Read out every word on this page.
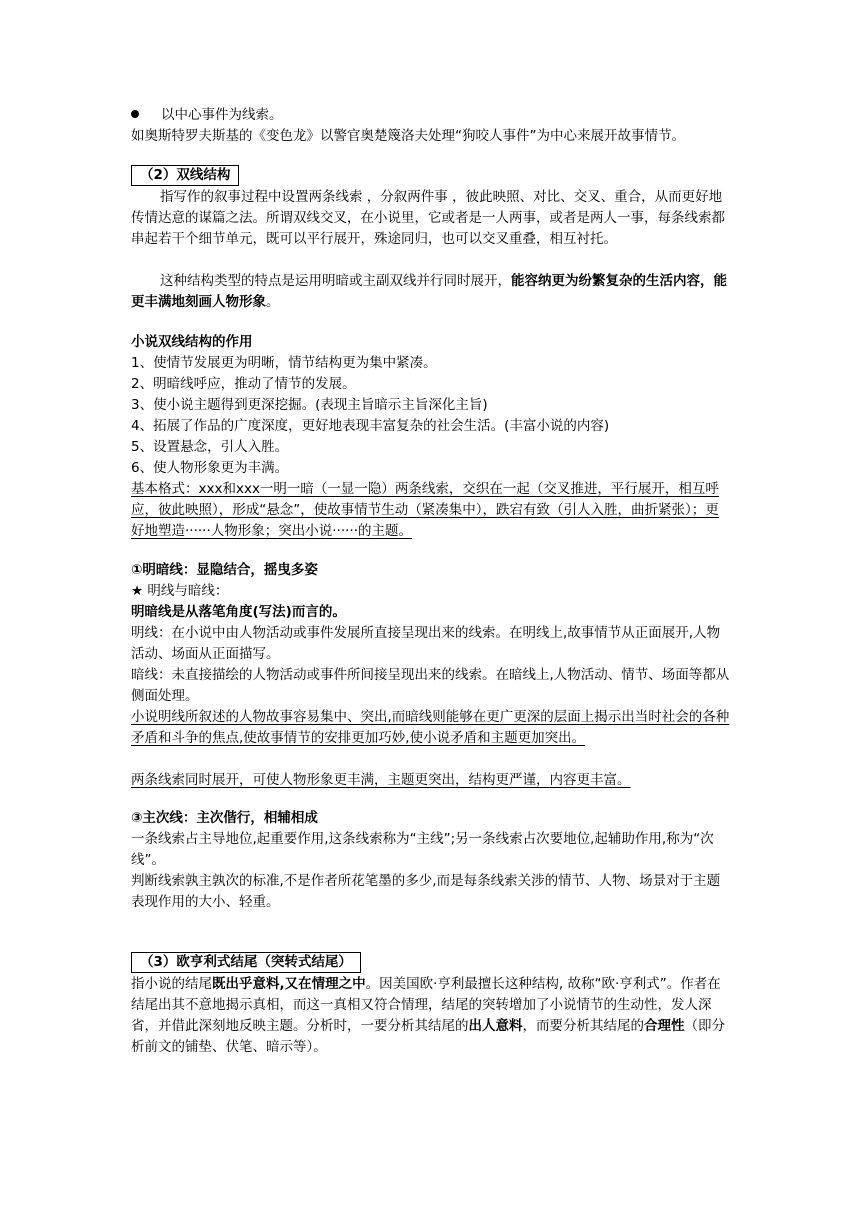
以中心事件为线索。
如奥斯特罗夫斯基的《变色龙》以警官奥楚篾洛夫处理“狗咬人事件”为中心来展开故事情节。
（2）双线结构
指写作的叙事过程中设置两条线索 ，分叙两件事 ，彼此映照、对比、交叉、重合，从而更好地传情达意的谋篇之法。所谓双线交叉，在小说里，它或者是一人两事，或者是两人一事，每条线索都串起若干个细节单元，既可以平行展开，殊途同归，也可以交叉重叠，相互衬托。
这种结构类型的特点是运用明暗或主副双线并行同时展开，能容纳更为纷繁复杂的生活内容，能更丰满地刻画人物形象。
小说双线结构的作用
1、使情节发展更为明晰，情节结构更为集中紧凑。
2、明暗线呼应，推动了情节的发展。
3、使小说主题得到更深挖掘。(表现主旨暗示主旨深化主旨)
4、拓展了作品的广度深度，更好地表现丰富复杂的社会生活。(丰富小说的内容)
5、设置悬念，引人入胜。
6、使人物形象更为丰满。
基本格式：xxx和xxx一明一暗（一显一隐）两条线索，交织在一起（交叉推进，平行展开，相互呼应，彼此映照），形成“悬念”，使故事情节生动（紧凑集中），跌宕有致（引人入胜，曲折紧张）；更好地塑造······人物形象；突出小说······的主题。
①明暗线：显隐结合，摇曳多姿
★ 明线与暗线：
明暗线是从落笔角度(写法)而言的。
明线：在小说中由人物活动或事件发展所直接呈现出来的线索。在明线上,故事情节从正面展开,人物活动、场面从正面描写。
暗线：未直接描绘的人物活动或事件所间接呈现出来的线索。在暗线上,人物活动、情节、场面等都从侧面处理。
小说明线所叙述的人物故事容易集中、突出,而暗线则能够在更广更深的层面上揭示出当时社会的各种矛盾和斗争的焦点,使故事情节的安排更加巧妙,使小说矛盾和主题更加突出。
两条线索同时展开，可使人物形象更丰满，主题更突出，结构更严谨，内容更丰富。
③主次线：主次偕行，相辅相成
一条线索占主导地位,起重要作用,这条线索称为“主线”;另一条线索占次要地位,起辅助作用,称为“次线”。
判断线索孰主孰次的标准,不是作者所花笔墨的多少,而是每条线索关涉的情节、人物、场景对于主题表现作用的大小、轻重。
（3）欧亨利式结尾（突转式结尾）
指小说的结尾既出乎意料,又在情理之中。因美国欧·亨利最擅长这种结构, 故称“欧·亨利式”。作者在结尾出其不意地揭示真相，而这一真相又符合情理，结尾的突转增加了小说情节的生动性，发人深省，并借此深刻地反映主题。分析时，一要分析其结尾的出人意料，而要分析其结尾的合理性（即分析前文的铺垫、伏笔、暗示等）。
